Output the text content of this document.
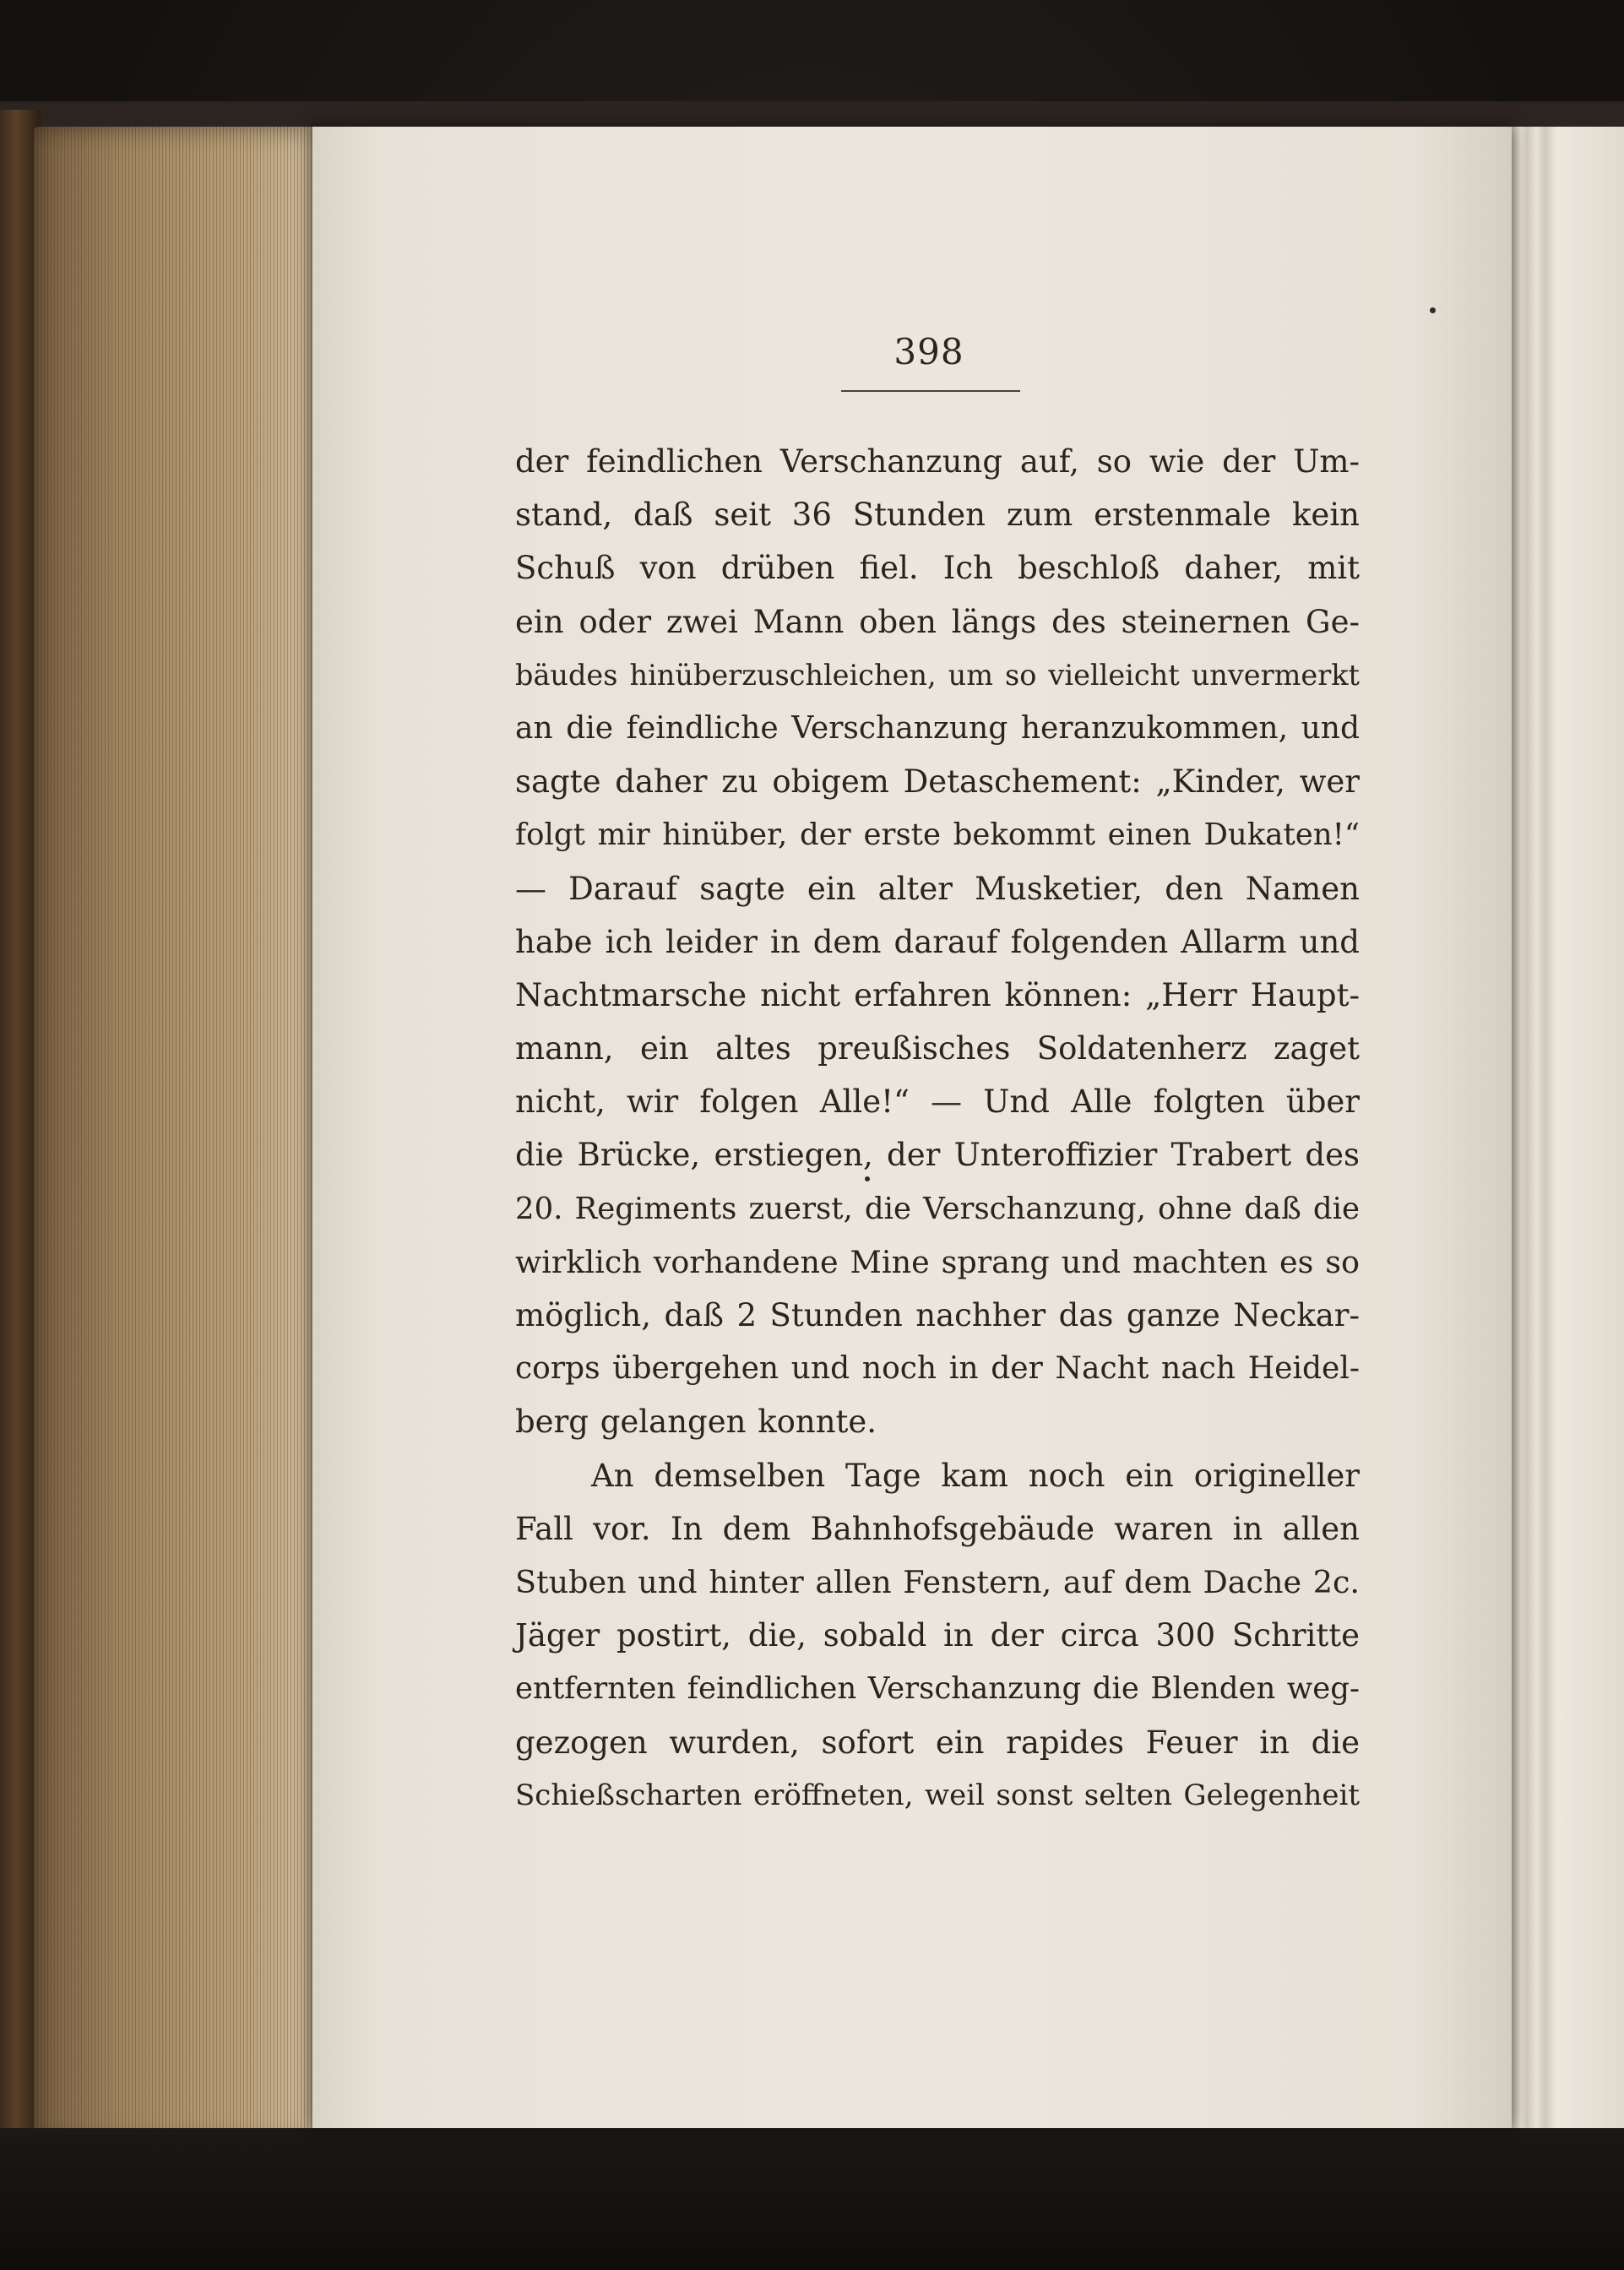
398
der feindlichen Verschanzung auf, so wie der Um-
stand, daß seit 36 Stunden zum erstenmale kein
Schuß von drüben fiel. Ich beschloß daher, mit
ein oder zwei Mann oben längs des steinernen Ge-
bäudes hinüberzuschleichen, um so vielleicht unvermerkt
an die feindliche Verschanzung heranzukommen, und
sagte daher zu obigem Detaschement: „Kinder, wer
folgt mir hinüber, der erste bekommt einen Dukaten!“
— Darauf sagte ein alter Musketier, den Namen
habe ich leider in dem darauf folgenden Allarm und
Nachtmarsche nicht erfahren können: „Herr Haupt-
mann, ein altes preußisches Soldatenherz zaget
nicht, wir folgen Alle!“ — Und Alle folgten über
die Brücke, erstiegen, der Unteroffizier Trabert des
20. Regiments zuerst, die Verschanzung, ohne daß die
wirklich vorhandene Mine sprang und machten es so
möglich, daß 2 Stunden nachher das ganze Neckar-
corps übergehen und noch in der Nacht nach Heidel-
berg gelangen konnte.
An demselben Tage kam noch ein origineller
Fall vor. In dem Bahnhofsgebäude waren in allen
Stuben und hinter allen Fenstern, auf dem Dache 2c.
Jäger postirt, die, sobald in der circa 300 Schritte
entfernten feindlichen Verschanzung die Blenden weg-
gezogen wurden, sofort ein rapides Feuer in die
Schießscharten eröffneten, weil sonst selten Gelegenheit
